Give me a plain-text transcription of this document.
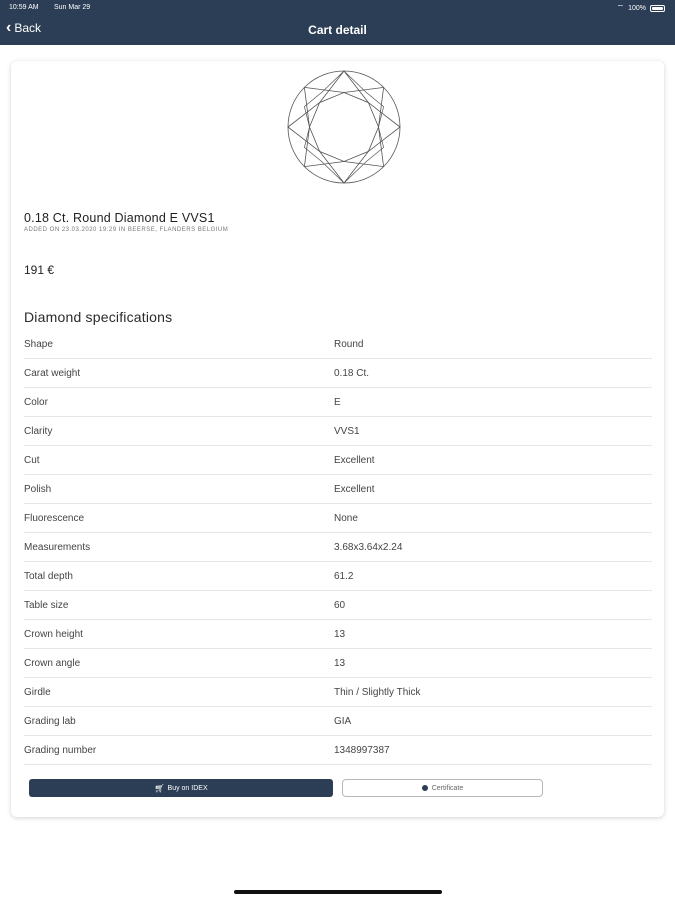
10:59 AM Sun Mar 29	⌔ 100%
‹ Back	Cart detail
0.18 Ct. Round Diamond E VVS1
ADDED ON 23.03.2020 19:29 IN BEERSE, FLANDERS BELGIUM
191 €
Diamond specifications
Shape	Round
Carat weight	0.18 Ct.
Color	E
Clarity	VVS1
Cut	Excellent
Polish	Excellent
Fluorescence	None
Measurements	3.68x3.64x2.24
Total depth	61.2
Table size	60
Crown height	13
Crown angle	13
Girdle	Thin / Slightly Thick
Grading lab	GIA
Grading number	1348997387
🛒︎ Buy on IDEX	Certificate
